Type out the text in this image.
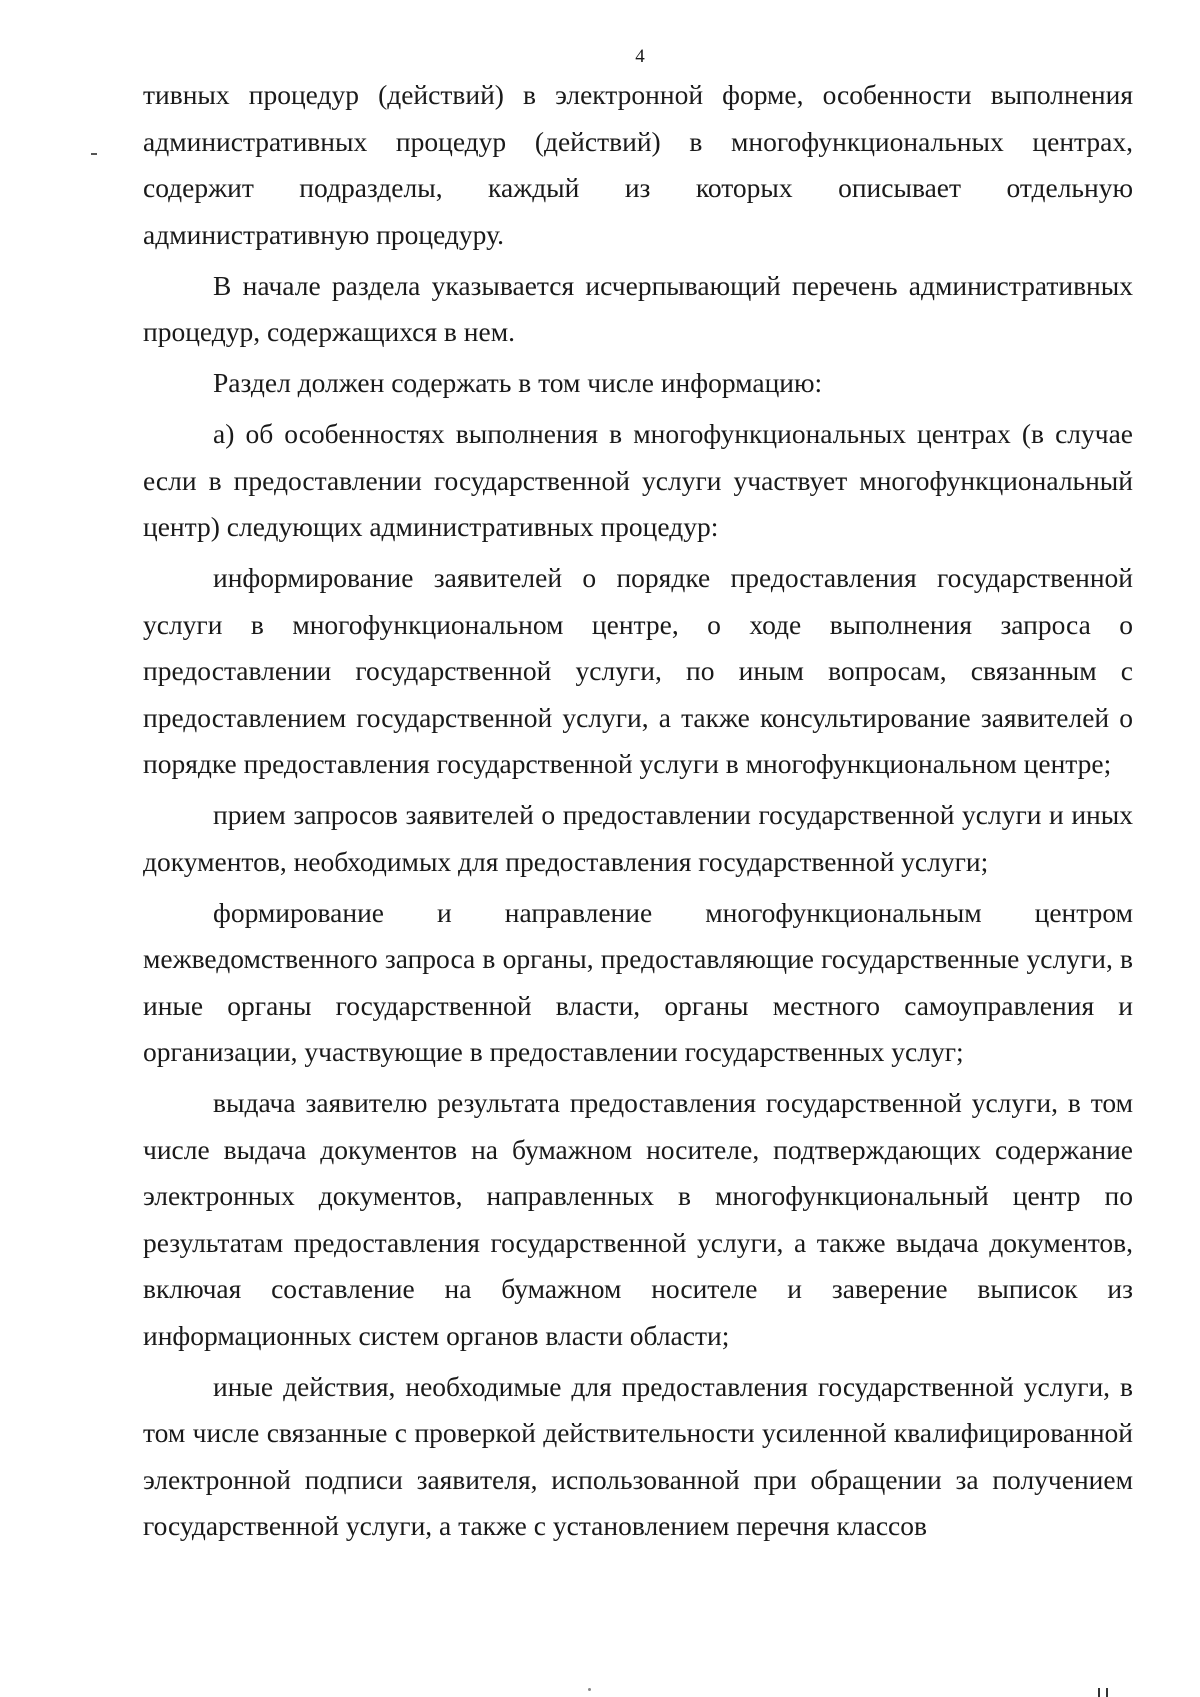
4

тивных процедур (действий) в электронной форме, особенности выполнения административных процедур (действий) в многофункциональных центрах, содержит подразделы, каждый из которых описывает отдельную административную процедуру.

В начале раздела указывается исчерпывающий перечень административных процедур, содержащихся в нем.

Раздел должен содержать в том числе информацию:

а) об особенностях выполнения в многофункциональных центрах (в случае если в предоставлении государственной услуги участвует многофункциональный центр) следующих административных процедур:

информирование заявителей о порядке предоставления государственной услуги в многофункциональном центре, о ходе выполнения запроса о предоставлении государственной услуги, по иным вопросам, связанным с предоставлением государственной услуги, а также консультирование заявителей о порядке предоставления государственной услуги в многофункциональном центре;

прием запросов заявителей о предоставлении государственной услуги и иных документов, необходимых для предоставления государственной услуги;

формирование и направление многофункциональным центром межведомственного запроса в органы, предоставляющие государственные услуги, в иные органы государственной власти, органы местного самоуправления и организации, участвующие в предоставлении государственных услуг;

выдача заявителю результата предоставления государственной услуги, в том числе выдача документов на бумажном носителе, подтверждающих содержание электронных документов, направленных в многофункциональный центр по результатам предоставления государственной услуги, а также выдача документов, включая составление на бумажном носителе и заверение выписок из информационных систем органов власти области;

иные действия, необходимые для предоставления государственной услуги, в том числе связанные с проверкой действительности усиленной квалифицированной электронной подписи заявителя, использованной при обращении за получением государственной услуги, а также с установлением перечня классов
